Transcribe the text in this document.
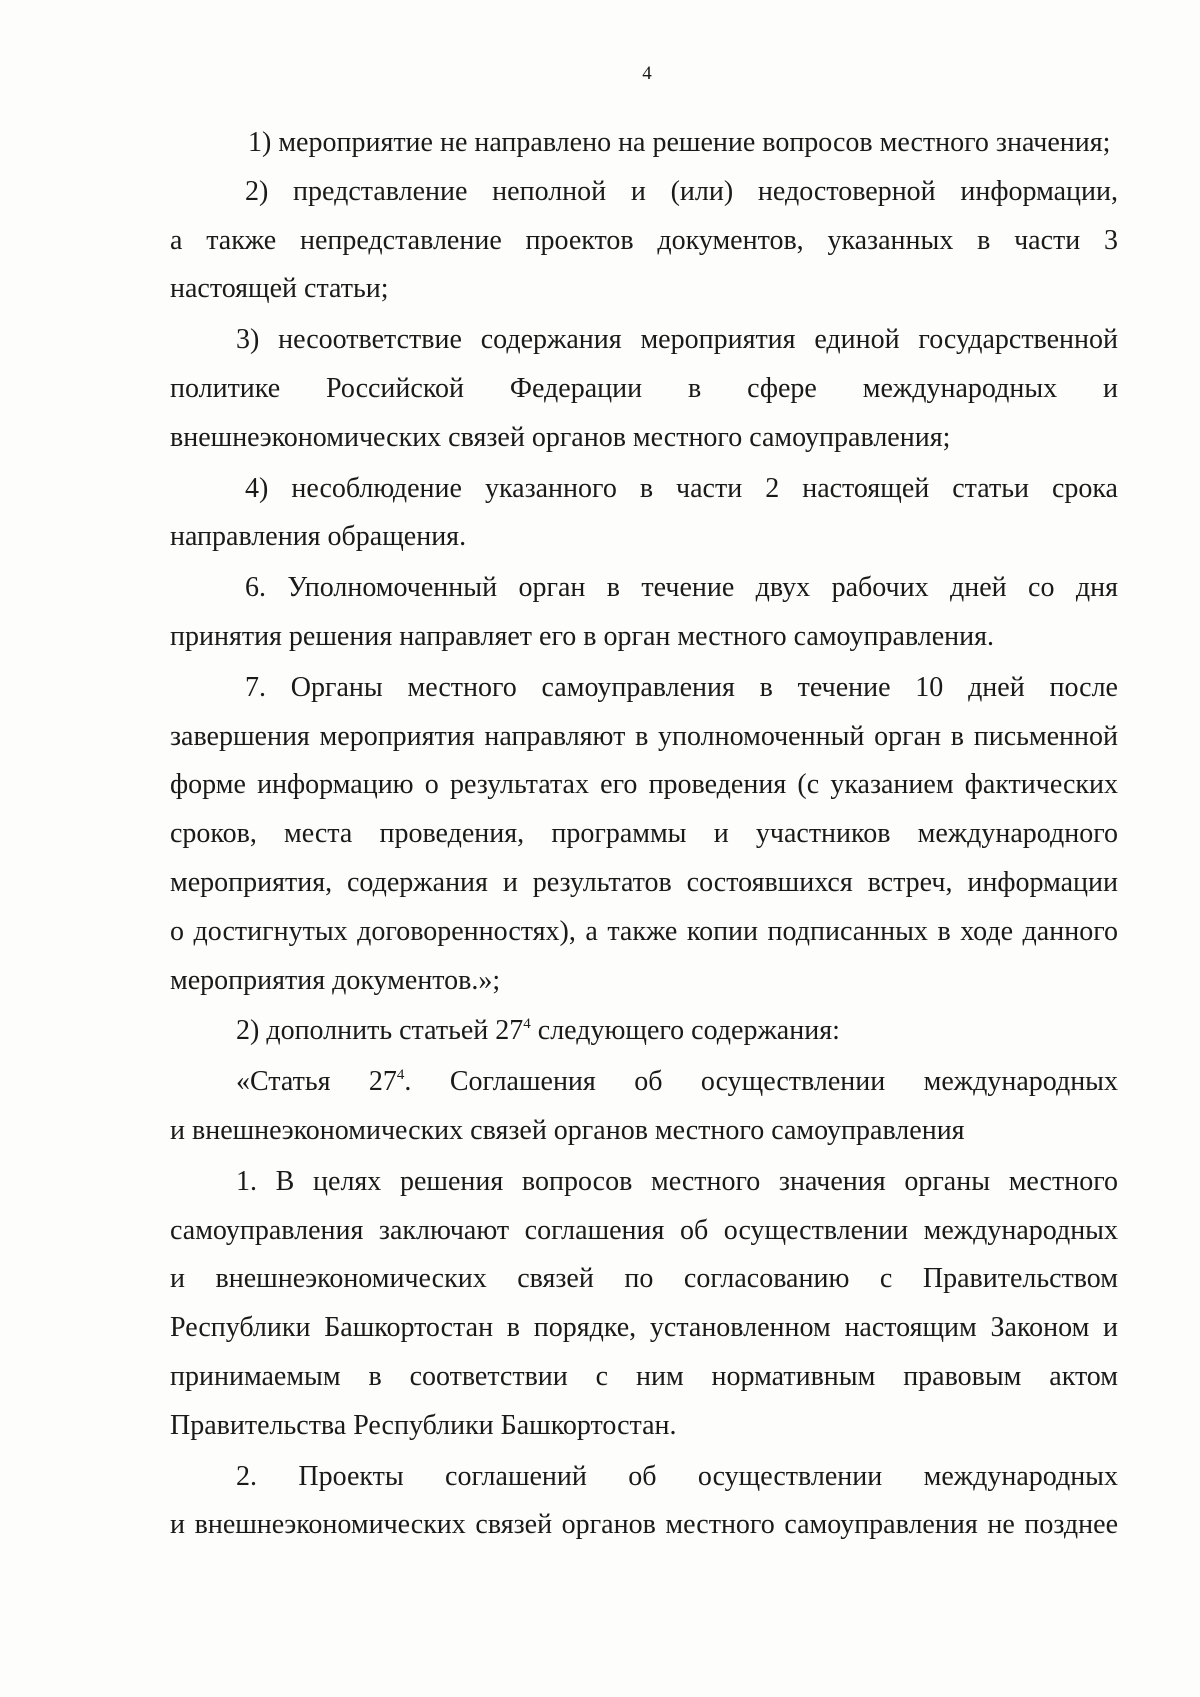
4

1) мероприятие не направлено на решение вопросов местного значения;

2) представление неполной и (или) недостоверной информации,
а также непредставление проектов документов, указанных в части 3
настоящей статьи;

3) несоответствие содержания мероприятия единой государственной
политике Российской Федерации в сфере международных и
внешнеэкономических связей органов местного самоуправления;

4) несоблюдение указанного в части 2 настоящей статьи срока
направления обращения.

6. Уполномоченный орган в течение двух рабочих дней со дня
принятия решения направляет его в орган местного самоуправления.

7. Органы местного самоуправления в течение 10 дней после
завершения мероприятия направляют в уполномоченный орган в письменной
форме информацию о результатах его проведения (с указанием фактических
сроков, места проведения, программы и участников международного
мероприятия, содержания и результатов состоявшихся встреч, информации
о достигнутых договоренностях), а также копии подписанных в ходе данного
мероприятия документов.»;

2) дополнить статьей $27^4$ следующего содержания:

«Статья $27^4$. Соглашения об осуществлении международных
и внешнеэкономических связей органов местного самоуправления

1. В целях решения вопросов местного значения органы местного
самоуправления заключают соглашения об осуществлении международных
и внешнеэкономических связей по согласованию с Правительством
Республики Башкортостан в порядке, установленном настоящим Законом и
принимаемым в соответствии с ним нормативным правовым актом
Правительства Республики Башкортостан.

2. Проекты соглашений об осуществлении международных
и внешнеэкономических связей органов местного самоуправления не позднее
